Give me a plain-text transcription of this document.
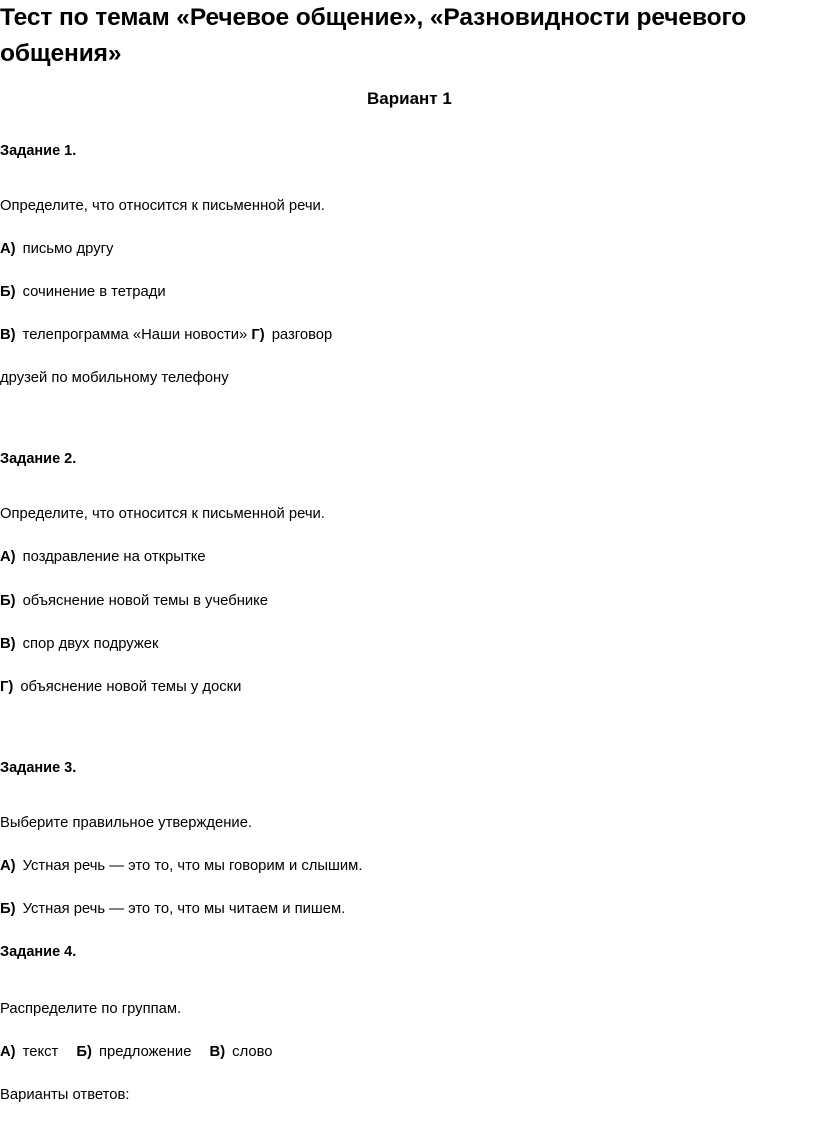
Тест по темам «Речевое общение», «Разновидности речевого
общения»
Вариант 1
Задание 1.
Определите, что относится к письменной речи.
А) письмо другу
Б) сочинение в тетради
В) телепрограмма «Наши новости» Г) разговор
друзей по мобильному телефону
Задание 2.
Определите, что относится к письменной речи.
А) поздравление на открытке
Б) объяснение новой темы в учебнике
В) спор двух подружек
Г) объяснение новой темы у доски
Задание 3.
Выберите правильное утверждение.
А) Устная речь — это то, что мы говорим и слышим.
Б) Устная речь — это то, что мы читаем и пишем.
Задание 4.
Распределите по группам.
А) текст Б) предложение В) слово
Варианты ответов:
